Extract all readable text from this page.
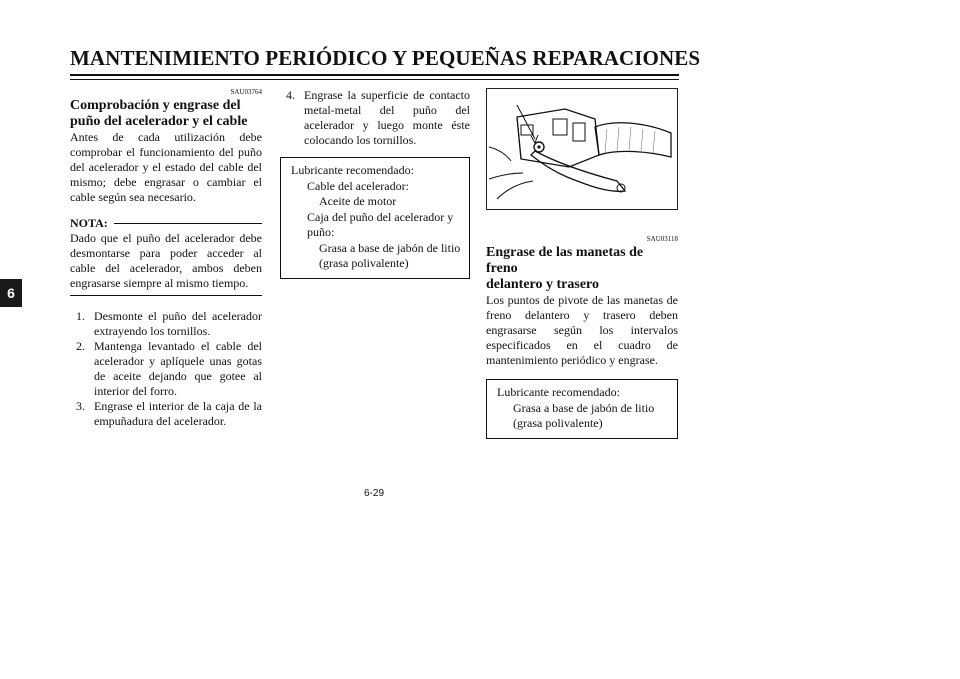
MANTENIMIENTO PERIÓDICO Y PEQUEÑAS REPARACIONES
6
SAU03764
Comprobación y engrase del
puño del acelerador y el cable
Antes de cada utilización debe comprobar el funcionamiento del puño del acelerador y el estado del cable del mismo; debe engrasar o cambiar el cable según sea necesario.
NOTA:
Dado que el puño del acelerador debe desmontarse para poder acceder al cable del acelerador, ambos deben engrasarse siempre al mismo tiempo.
1. Desmonte el puño del acelerador extrayendo los tornillos.
2. Mantenga levantado el cable del acelerador y aplíquele unas gotas de aceite dejando que gotee al interior del forro.
3. Engrase el interior de la caja de la empuñadura del acelerador.
4. Engrase la superficie de contacto metal-metal del puño del acelerador y luego monte éste colocando los tornillos.
Lubricante recomendado:
Cable del acelerador:
Aceite de motor
Caja del puño del acelerador y
puño:
Grasa a base de jabón de litio
(grasa polivalente)
SAU03118
Engrase de las manetas de freno
delantero y trasero
Los puntos de pivote de las manetas de freno delantero y trasero deben engrasarse según los intervalos especificados en el cuadro de mantenimiento periódico y engrase.
Lubricante recomendado:
Grasa a base de jabón de litio
(grasa polivalente)
6-29
